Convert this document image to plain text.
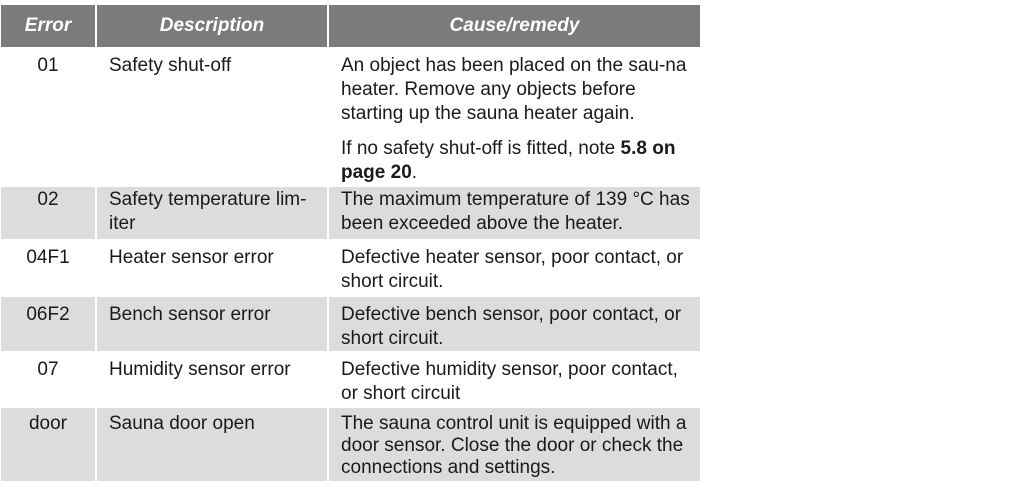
Error	Description	Cause/remedy
01	Safety shut-off	An object has been placed on the sau-na heater. Remove any objects before starting up the sauna heater again.

If no safety shut-off is fitted, note 5.8 on page 20.

02	Safety temperature lim-iter	The maximum temperature of 139 °C has been exceeded above the heater.
04F1	Heater sensor error	Defective heater sensor, poor contact, or short circuit.
06F2	Bench sensor error	Defective bench sensor, poor contact, or short circuit.
07	Humidity sensor error	Defective humidity sensor, poor contact, or short circuit
door	Sauna door open	The sauna control unit is equipped with a door sensor. Close the door or check the connections and settings.
